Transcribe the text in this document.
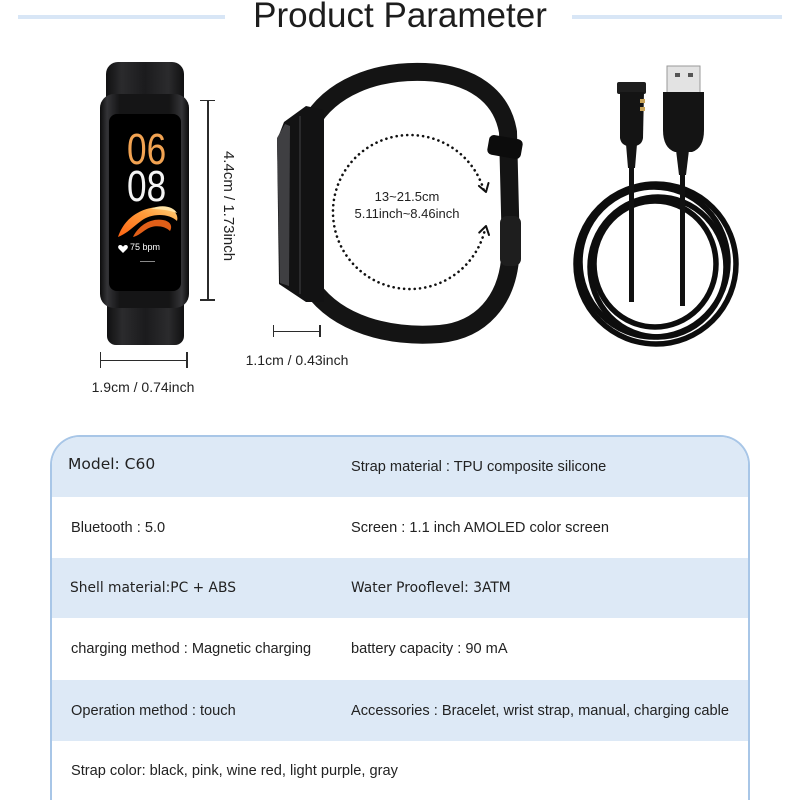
Product Parameter
06
08
75 bpm	4.4cm / 1.73inch
1.9cm / 0.74inch
13~21.5cm
5.11inch~8.46inch
1.1cm / 0.43inch
Model: C60	Strap material : TPU composite silicone
Bluetooth : 5.0	Screen : 1.1 inch AMOLED color screen
Shell material:PC + ABS	Water Prooflevel: 3ATM
charging method : Magnetic charging	battery capacity : 90 mA
Operation method : touch	Accessories : Bracelet, wrist strap, manual, charging cable
Strap color: black, pink, wine red, light purple, gray
